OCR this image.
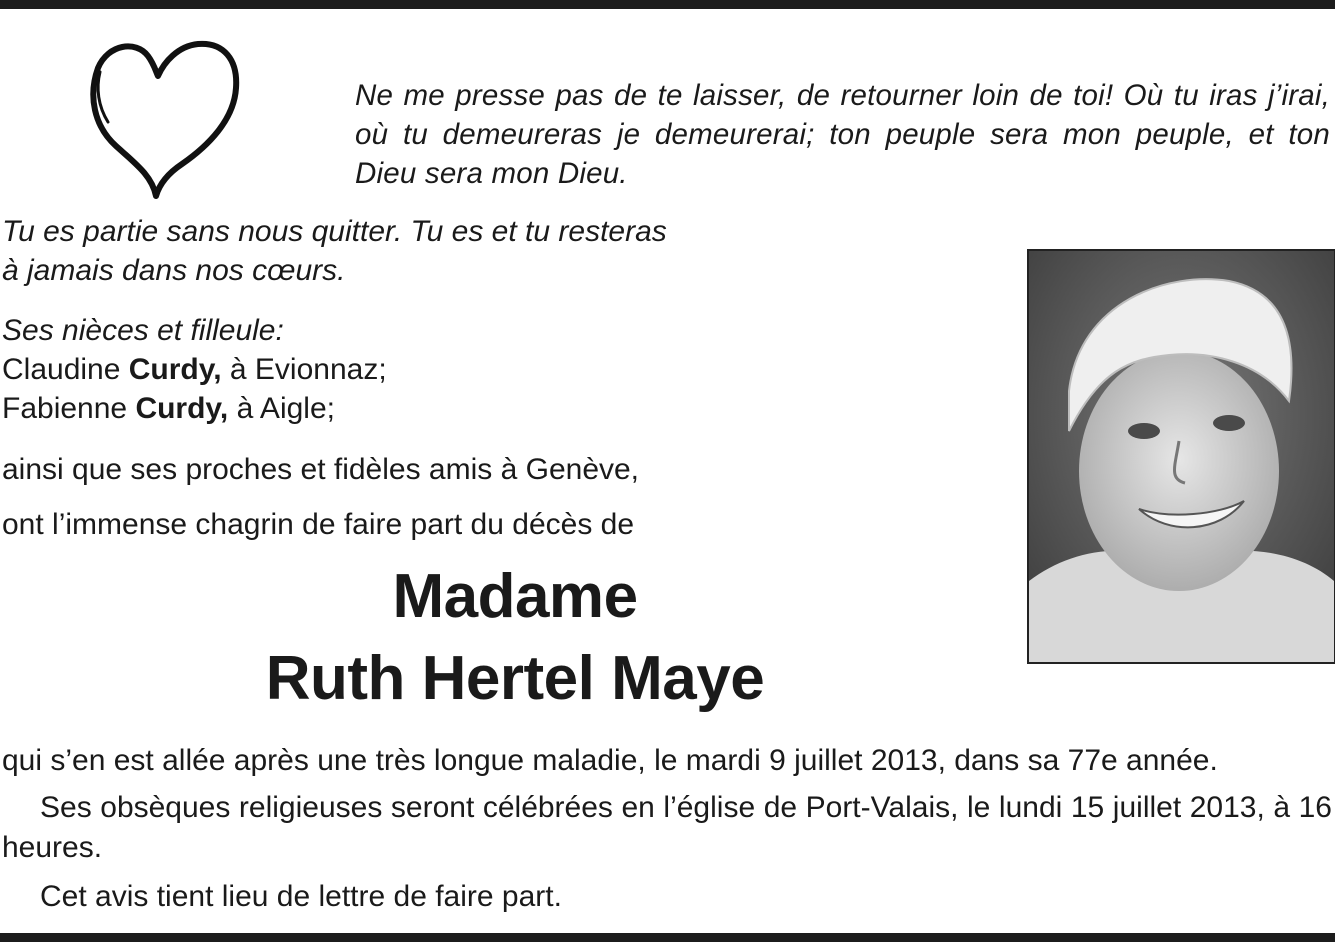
Ne me presse pas de te laisser, de retourner loin de toi! Où tu iras j’irai, où tu demeureras je demeurerai; ton peuple sera mon peuple, et ton Dieu sera mon Dieu.
Tu es partie sans nous quitter. Tu es et tu resteras
à jamais dans nos cœurs.
Ses nièces et filleule:
Claudine Curdy, à Evionnaz;
Fabienne Curdy, à Aigle;
ainsi que ses proches et fidèles amis à Genève,
ont l’immense chagrin de faire part du décès de
Madame
Ruth Hertel Maye
qui s’en est allée après une très longue maladie, le mardi 9 juillet 2013, dans sa 77e année.
Ses obsèques religieuses seront célébrées en l’église de Port-Valais, le lundi 15 juillet 2013, à 16 heures.
Cet avis tient lieu de lettre de faire part.
